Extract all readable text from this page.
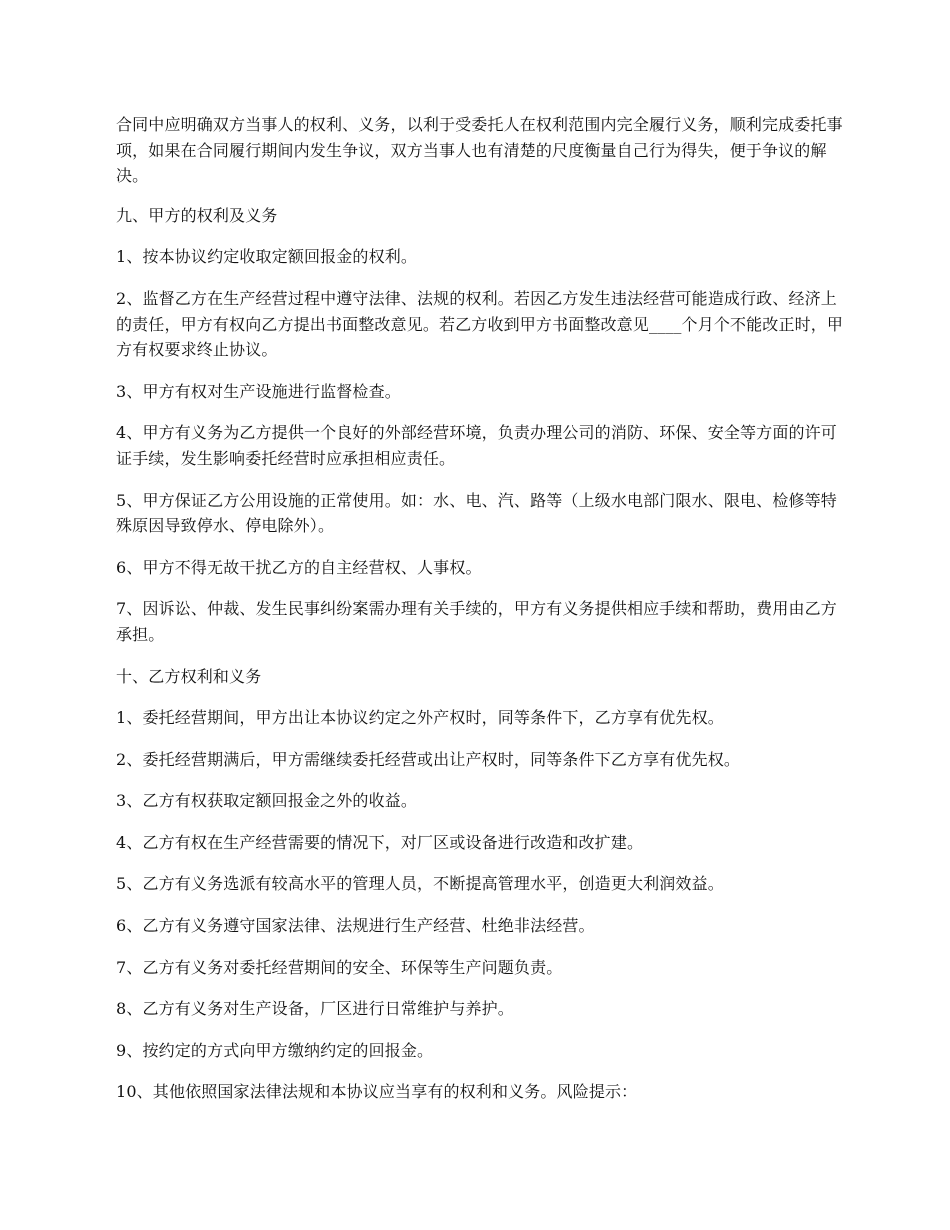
合同中应明确双方当事人的权利、义务，以利于受委托人在权利范围内完全履行义务，顺利完成委托事项，如果在合同履行期间内发生争议，双方当事人也有清楚的尺度衡量自己行为得失，便于争议的解决。

九、甲方的权利及义务

1、按本协议约定收取定额回报金的权利。

2、监督乙方在生产经营过程中遵守法律、法规的权利。若因乙方发生违法经营可能造成行政、经济上的责任，甲方有权向乙方提出书面整改意见。若乙方收到甲方书面整改意见____个月个不能改正时，甲方有权要求终止协议。

3、甲方有权对生产设施进行监督检查。

4、甲方有义务为乙方提供一个良好的外部经营环境，负责办理公司的消防、环保、安全等方面的许可证手续，发生影响委托经营时应承担相应责任。

5、甲方保证乙方公用设施的正常使用。如：水、电、汽、路等（上级水电部门限水、限电、检修等特殊原因导致停水、停电除外）。

6、甲方不得无故干扰乙方的自主经营权、人事权。

7、因诉讼、仲裁、发生民事纠纷案需办理有关手续的，甲方有义务提供相应手续和帮助，费用由乙方承担。

十、乙方权利和义务

1、委托经营期间，甲方出让本协议约定之外产权时，同等条件下，乙方享有优先权。

2、委托经营期满后，甲方需继续委托经营或出让产权时，同等条件下乙方享有优先权。

3、乙方有权获取定额回报金之外的收益。

4、乙方有权在生产经营需要的情况下，对厂区或设备进行改造和改扩建。

5、乙方有义务选派有较高水平的管理人员，不断提高管理水平，创造更大利润效益。

6、乙方有义务遵守国家法律、法规进行生产经营、杜绝非法经营。

7、乙方有义务对委托经营期间的安全、环保等生产问题负责。

8、乙方有义务对生产设备，厂区进行日常维护与养护。

9、按约定的方式向甲方缴纳约定的回报金。

10、其他依照国家法律法规和本协议应当享有的权利和义务。风险提示：
